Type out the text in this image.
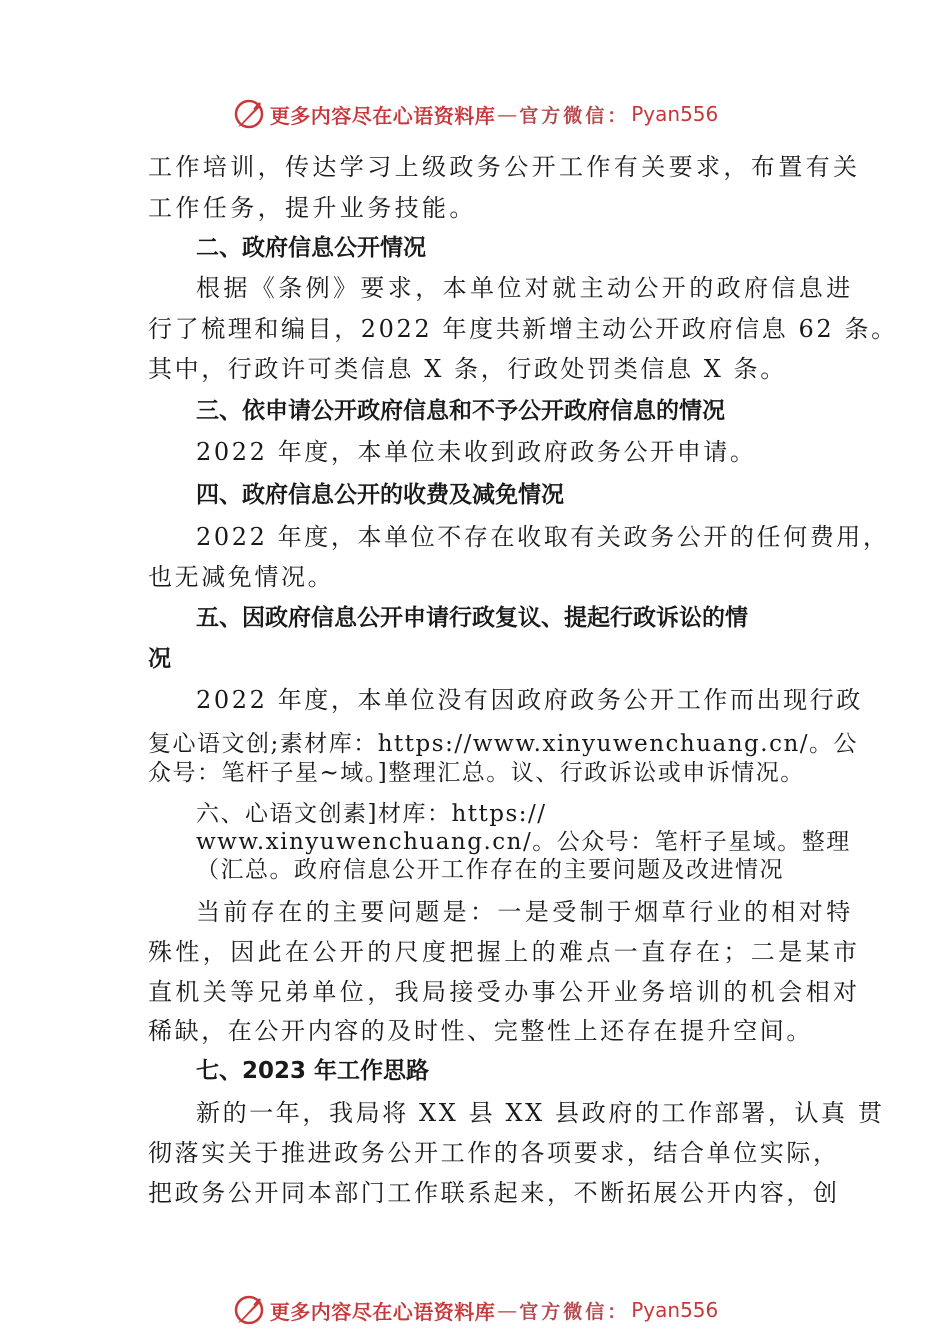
更多内容尽在心语资料库 — 官方微信： Pyan556
工作培训，传达学习上级政务公开工作有关要求，布置有关
工作任务，提升业务技能。
二、政府信息公开情况
根据《条例》要求，本单位对就主动公开的政府信息进
行了梳理和编目，2022 年度共新增主动公开政府信息 62 条。
其中，行政许可类信息 X 条，行政处罚类信息 X 条。
三、依申请公开政府信息和不予公开政府信息的情况
2022 年度，本单位未收到政府政务公开申请。
四、政府信息公开的收费及减免情况
2022 年度，本单位不存在收取有关政务公开的任何费用，
也无减免情况。
五、因政府信息公开申请行政复议、提起行政诉讼的情
况
2022 年度，本单位没有因政府政务公开工作而出现行政
复心语文创;素材库：https://www.xinyuwenchuang.cn/。公
众号：笔杆子星~域。]整理汇总。议、行政诉讼或申诉情况。
六、心语文创素]材库：https://
www.xinyuwenchuang.cn/。公众号：笔杆子星域。整理
（汇总。政府信息公开工作存在的主要问题及改进情况
当前存在的主要问题是：一是受制于烟草行业的相对特
殊性，因此在公开的尺度把握上的难点一直存在；二是某市
直机关等兄弟单位，我局接受办事公开业务培训的机会相对
稀缺，在公开内容的及时性、完整性上还存在提升空间。
七、2023 年工作思路
新的一年，我局将 XX 县 XX 县政府的工作部署，认真 贯
彻落实关于推进政务公开工作的各项要求，结合单位实际，
把政务公开同本部门工作联系起来，不断拓展公开内容，创
更多内容尽在心语资料库 — 官方微信： Pyan556
